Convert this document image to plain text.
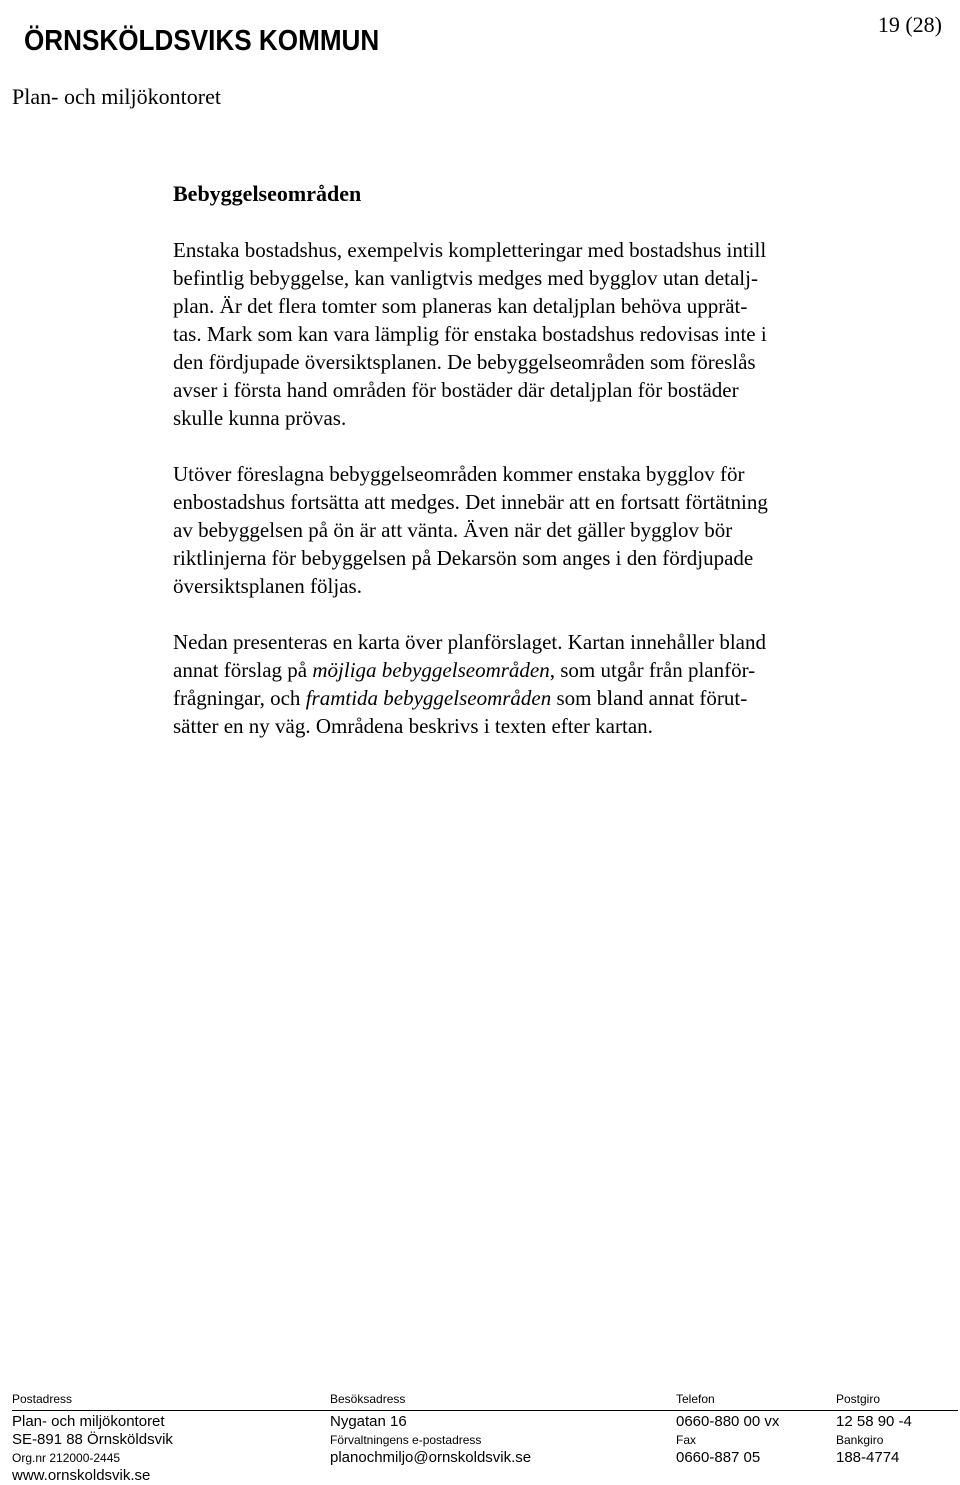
ÖRNSKÖLDSVIKS KOMMUN	19 (28)
Plan- och miljökontoret
Bebyggelseområden
Enstaka bostadshus, exempelvis kompletteringar med bostadshus intill
befintlig bebyggelse, kan vanligtvis medges med bygglov utan detalj-
plan. Är det flera tomter som planeras kan detaljplan behöva upprät-
tas. Mark som kan vara lämplig för enstaka bostadshus redovisas inte i
den fördjupade översiktsplanen. De bebyggelseområden som föreslås
avser i första hand områden för bostäder där detaljplan för bostäder
skulle kunna prövas.
Utöver föreslagna bebyggelseområden kommer enstaka bygglov för
enbostadshus fortsätta att medges. Det innebär att en fortsatt förtätning
av bebyggelsen på ön är att vänta. Även när det gäller bygglov bör
riktlinjerna för bebyggelsen på Dekarsön som anges i den fördjupade
översiktsplanen följas.
Nedan presenteras en karta över planförslaget. Kartan innehåller bland
annat förslag på möjliga bebyggelseområden, som utgår från planför-
frågningar, och framtida bebyggelseområden som bland annat förut-
sätter en ny väg. Områdena beskrivs i texten efter kartan.
Postadress	Besöksadress	Telefon	Postgiro
Plan- och miljökontoret	Nygatan 16	0660-880 00 vx	12 58 90 -4
SE-891 88 Örnsköldsvik	Förvaltningens e-postadress	Fax	Bankgiro
Org.nr 212000-2445	planochmiljo@ornskoldsvik.se	0660-887 05	188-4774
www.ornskoldsvik.se
